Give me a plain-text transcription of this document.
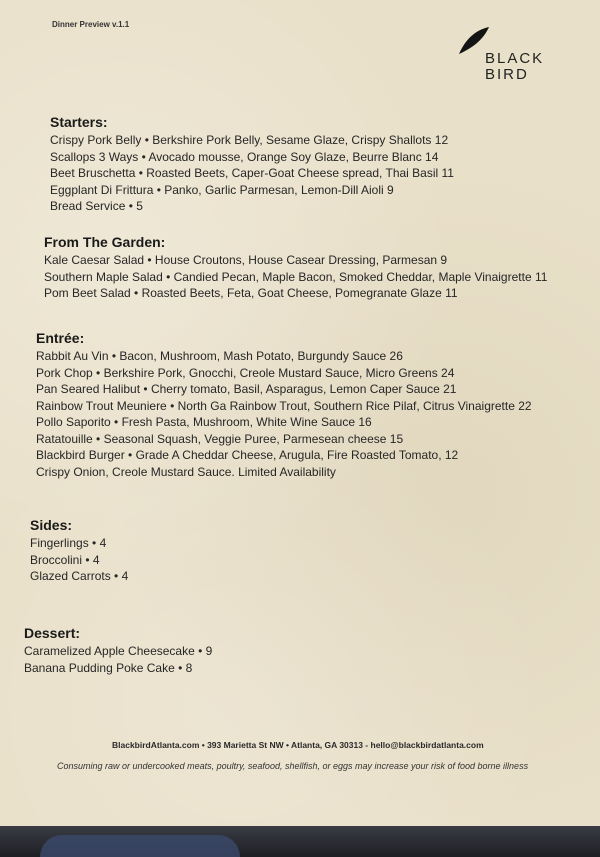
Dinner Preview v.1.1
BLACK
BIRD
Starters:
Crispy Pork Belly • Berkshire Pork Belly, Sesame Glaze, Crispy Shallots 12
Scallops 3 Ways • Avocado mousse, Orange Soy Glaze, Beurre Blanc 14
Beet Bruschetta • Roasted Beets, Caper-Goat Cheese spread, Thai Basil 11
Eggplant Di Frittura • Panko, Garlic Parmesan, Lemon-Dill Aioli 9
Bread Service • 5
From The Garden:
Kale Caesar Salad • House Croutons, House Casear Dressing, Parmesan 9
Southern Maple Salad • Candied Pecan, Maple Bacon, Smoked Cheddar, Maple Vinaigrette 11
Pom Beet Salad • Roasted Beets, Feta, Goat Cheese, Pomegranate Glaze 11
Entrée:
Rabbit Au Vin • Bacon, Mushroom, Mash Potato, Burgundy Sauce 26
Pork Chop • Berkshire Pork, Gnocchi, Creole Mustard Sauce, Micro Greens 24
Pan Seared Halibut • Cherry tomato, Basil, Asparagus, Lemon Caper Sauce 21
Rainbow Trout Meuniere • North Ga Rainbow Trout, Southern Rice Pilaf, Citrus Vinaigrette 22
Pollo Saporito • Fresh Pasta, Mushroom, White Wine Sauce 16
Ratatouille • Seasonal Squash, Veggie Puree, Parmesean cheese 15
Blackbird Burger • Grade A Cheddar Cheese, Arugula, Fire Roasted Tomato, 12
Crispy Onion, Creole Mustard Sauce. Limited Availability
Sides:
Fingerlings • 4
Broccolini • 4
Glazed Carrots • 4
Dessert:
Caramelized Apple Cheesecake • 9
Banana Pudding Poke Cake • 8
BlackbirdAtlanta.com • 393 Marietta St NW • Atlanta, GA 30313 - hello@blackbirdatlanta.com
Consuming raw or undercooked meats, poultry, seafood, shellfish, or eggs may increase your risk of food borne illness
